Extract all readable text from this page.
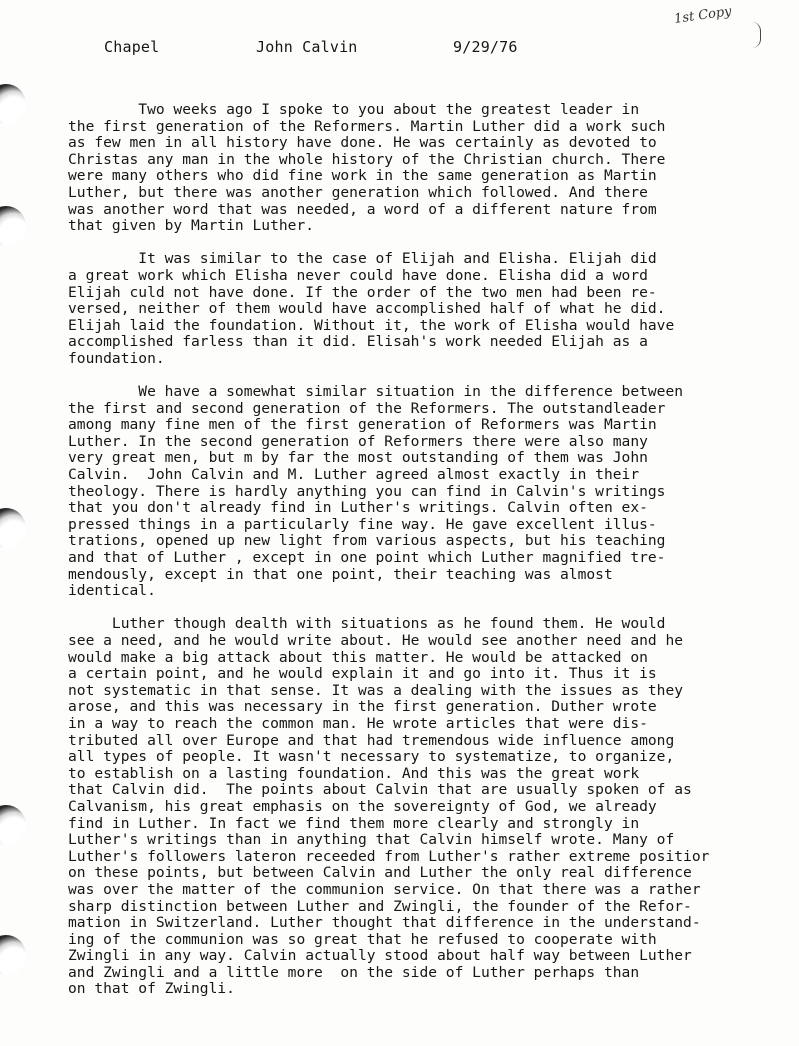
1st Copy
Chapel	John Calvin	9/29/76
Two weeks ago I spoke to you about the greatest leader in
the first generation of the Reformers. Martin Luther did a work such
as few men in all history have done. He was certainly as devoted to
Christas any man in the whole history of the Christian church. There
were many others who did fine work in the same generation as Martin
Luther, but there was another generation which followed. And there
was another word that was needed, a word of a different nature from
that given by Martin Luther.
It was similar to the case of Elijah and Elisha. Elijah did
a great work which Elisha never could have done. Elisha did a word
Elijah culd not have done. If the order of the two men had been re-
versed, neither of them would have accomplished half of what he did.
Elijah laid the foundation. Without it, the work of Elisha would have
accomplished farless than it did. Elisah's work needed Elijah as a
foundation.
We have a somewhat similar situation in the difference between
the first and second generation of the Reformers. The outstandleader
among many fine men of the first generation of Reformers was Martin
Luther. In the second generation of Reformers there were also many
very great men, but m by far the most outstanding of them was John
Calvin.  John Calvin and M. Luther agreed almost exactly in their
theology. There is hardly anything you can find in Calvin's writings
that you don't already find in Luther's writings. Calvin often ex-
pressed things in a particularly fine way. He gave excellent illus-
trations, opened up new light from various aspects, but his teaching
and that of Luther , except in one point which Luther magnified tre-
mendously, except in that one point, their teaching was almost
identical.
Luther though dealth with situations as he found them. He would
see a need, and he would write about. He would see another need and he
would make a big attack about this matter. He would be attacked on
a certain point, and he would explain it and go into it. Thus it is
not systematic in that sense. It was a dealing with the issues as they
arose, and this was necessary in the first generation. Duther wrote
in a way to reach the common man. He wrote articles that were dis-
tributed all over Europe and that had tremendous wide influence among
all types of people. It wasn't necessary to systematize, to organize,
to establish on a lasting foundation. And this was the great work
that Calvin did.  The points about Calvin that are usually spoken of as
Calvanism, his great emphasis on the sovereignty of God, we already
find in Luther. In fact we find them more clearly and strongly in
Luther's writings than in anything that Calvin himself wrote. Many of
Luther's followers lateron receeded from Luther's rather extreme positior
on these points, but between Calvin and Luther the only real difference
was over the matter of the communion service. On that there was a rather
sharp distinction between Luther and Zwingli, the founder of the Refor-
mation in Switzerland. Luther thought that difference in the understand-
ing of the communion was so great that he refused to cooperate with
Zwingli in any way. Calvin actually stood about half way between Luther
and Zwingli and a little more  on the side of Luther perhaps than
on that of Zwingli.
